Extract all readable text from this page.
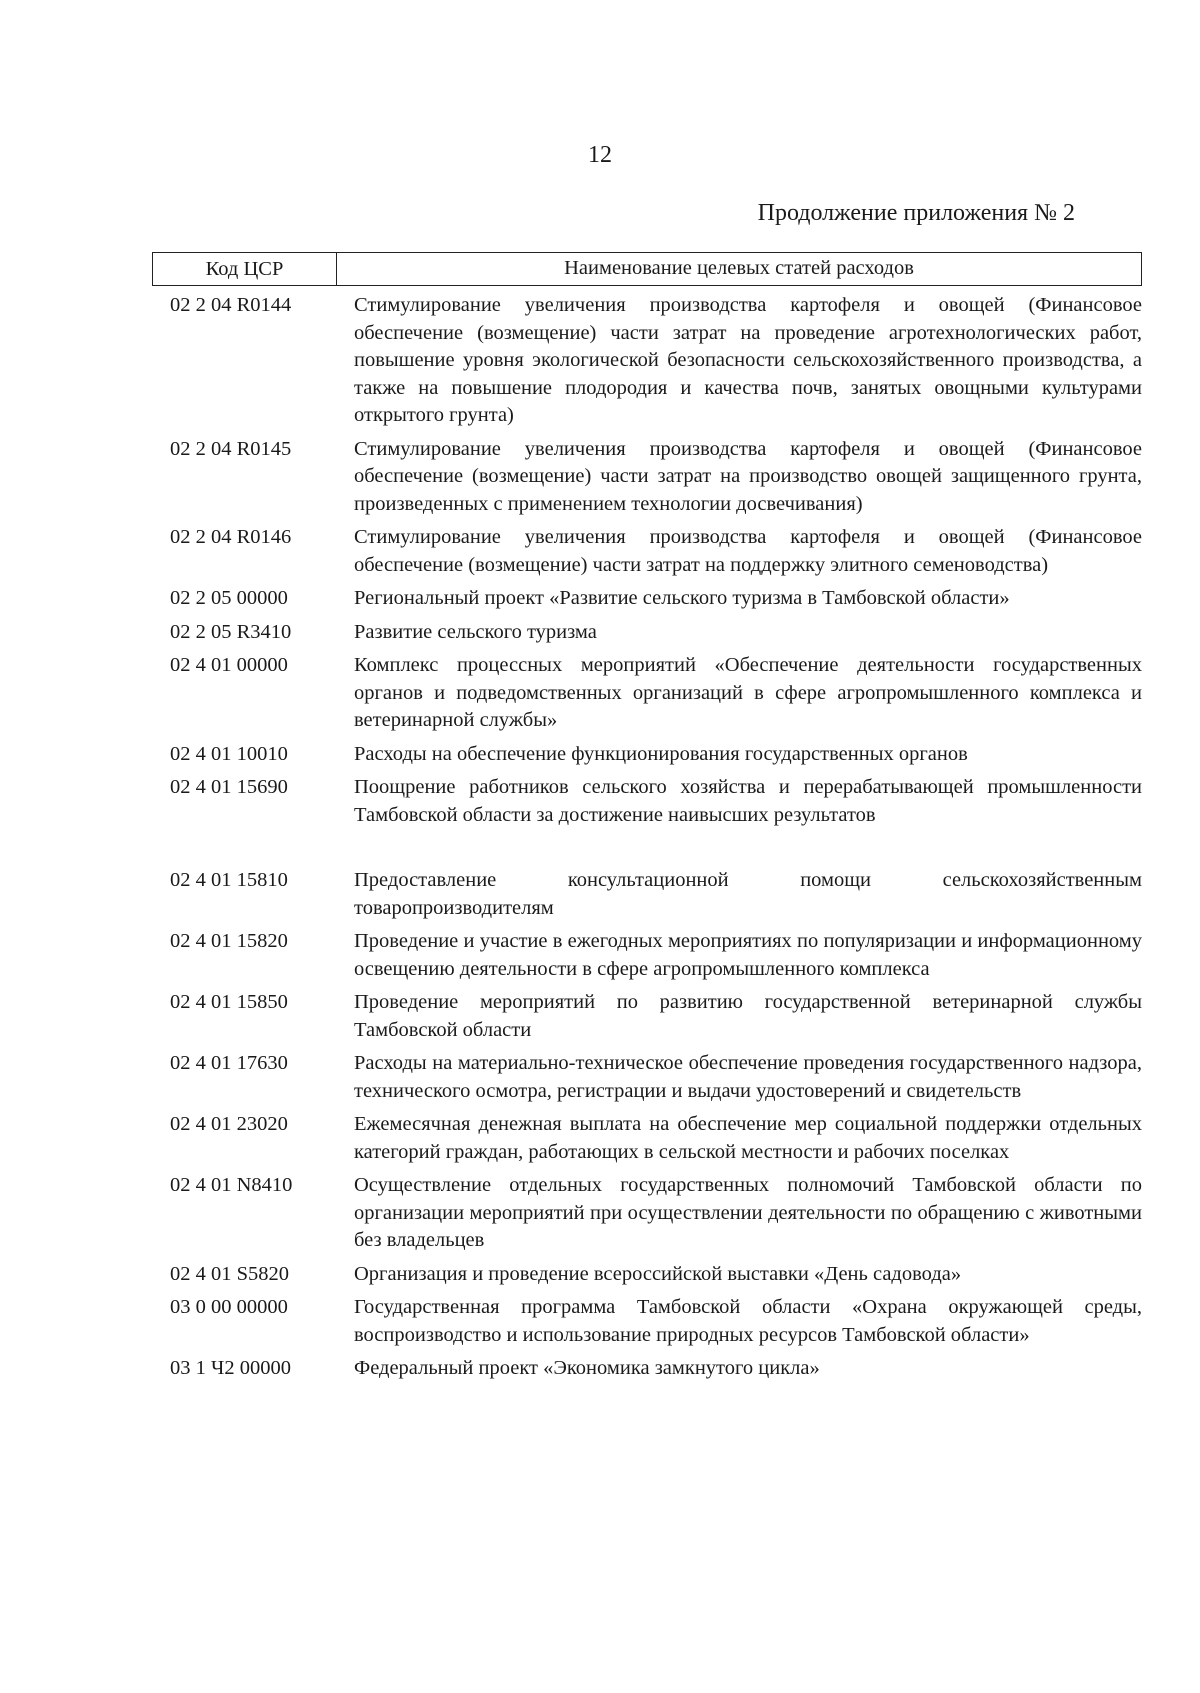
12
Продолжение приложения № 2
Код ЦСР	Наименование целевых статей расходов
02 2 04 R0144	Стимулирование увеличения производства картофеля и овощей (Финансовое обеспечение (возмещение) части затрат на проведение агротехнологических работ, повышение уровня экологической безопасности сельскохозяйственного производства, а также на повышение плодородия и качества почв, занятых овощными культурами открытого грунта)
02 2 04 R0145	Стимулирование увеличения производства картофеля и овощей (Финансовое обеспечение (возмещение) части затрат на производство овощей защищенного грунта, произведенных с применением технологии досвечивания)
02 2 04 R0146	Стимулирование увеличения производства картофеля и овощей (Финансовое обеспечение (возмещение) части затрат на поддержку элитного семеноводства)
02 2 05 00000	Региональный проект «Развитие сельского туризма в Тамбовской области»
02 2 05 R3410	Развитие сельского туризма
02 4 01 00000	Комплекс процессных мероприятий «Обеспечение деятельности государственных органов и подведомственных организаций в сфере агропромышленного комплекса и ветеринарной службы»
02 4 01 10010	Расходы на обеспечение функционирования государственных органов
02 4 01 15690	Поощрение работников сельского хозяйства и перерабатывающей промышленности Тамбовской области за достижение наивысших результатов
02 4 01 15810	Предоставление консультационной помощи сельскохозяйственным товаропроизводителям
02 4 01 15820	Проведение и участие в ежегодных мероприятиях по популяризации и информационному освещению деятельности в сфере агропромышленного комплекса
02 4 01 15850	Проведение мероприятий по развитию государственной ветеринарной службы Тамбовской области
02 4 01 17630	Расходы на материально-техническое обеспечение проведения государственного надзора, технического осмотра, регистрации и выдачи удостоверений и свидетельств
02 4 01 23020	Ежемесячная денежная выплата на обеспечение мер социальной поддержки отдельных категорий граждан, работающих в сельской местности и рабочих поселках
02 4 01 N8410	Осуществление отдельных государственных полномочий Тамбовской области по организации мероприятий при осуществлении деятельности по обращению с животными без владельцев
02 4 01 S5820	Организация и проведение всероссийской выставки «День садовода»
03 0 00 00000	Государственная программа Тамбовской области «Охрана окружающей среды, воспроизводство и использование природных ресурсов Тамбовской области»
03 1 Ч2 00000	Федеральный проект «Экономика замкнутого цикла»
